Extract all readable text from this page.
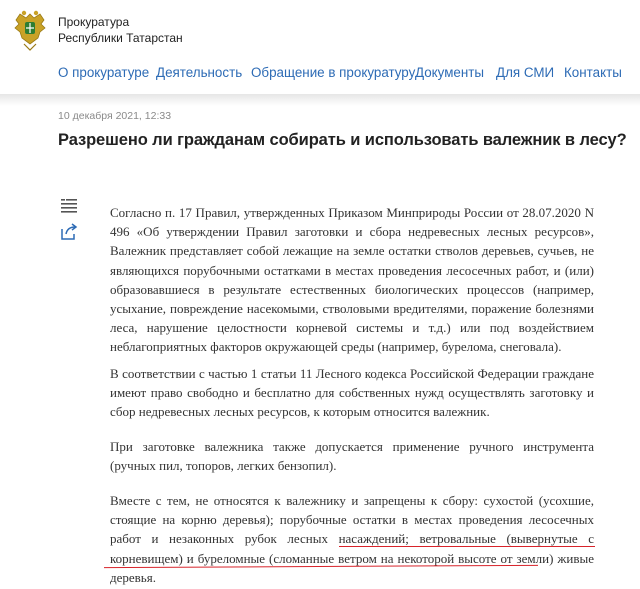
Прокуратура
Республики Татарстан
О прокуратуре Деятельность Обращение в прокуратуру Документы Для СМИ Контакты
10 декабря 2021, 12:33
Разрешено ли гражданам собирать и использовать валежник в лесу?

Согласно п. 17 Правил, утвержденных Приказом Минприроды России от 28.07.2020 N 496 «Об утверждении Правил заготовки и сбора недревесных лесных ресурсов», Валежник представляет собой лежащие на земле остатки стволов деревьев, сучьев, не являющихся порубочными остатками в местах проведения лесосечных работ, и (или) образовавшиеся в результате естественных биологических процессов (например, усыхание, повреждение насекомыми, стволовыми вредителями, поражение болезнями леса, нарушение целостности корневой системы и т.д.) или под воздействием неблагоприятных факторов окружающей среды (например, бурелома, снеговала).

В соответствии с частью 1 статьи 11 Лесного кодекса Российской Федерации граждане имеют право свободно и бесплатно для собственных нужд осуществлять заготовку и сбор недревесных лесных ресурсов, к которым относится валежник.

При заготовке валежника также допускается применение ручного инструмента (ручных пил, топоров, легких бензопил).

Вместе с тем, не относятся к валежнику и запрещены к сбору: сухостой (усохшие, стоящие на корню деревья); порубочные остатки в местах проведения лесосечных работ и незаконных рубок лесных насаждений; ветровальные (вывернутые с корневищем) и буреломные (сломанные ветром на некоторой высоте от земли) живые деревья.
